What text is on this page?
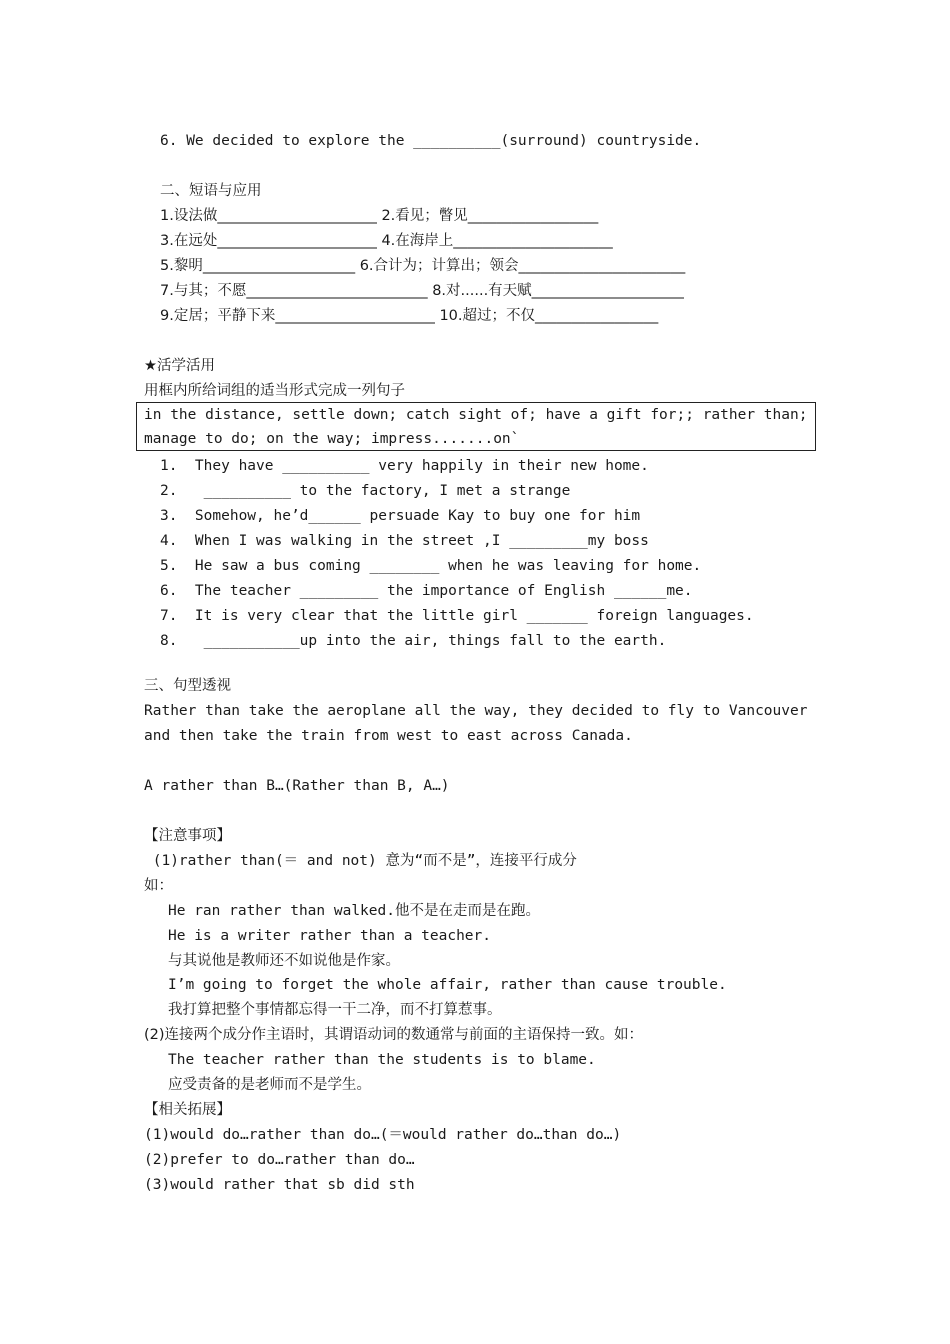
6. We decided to explore the __________(surround) countryside.
二、短语与应用
1.设法做______________________ 2.看见；瞥见__________________
3.在远处______________________ 4.在海岸上______________________
5.黎明_____________________ 6.合计为；计算出；领会_______________________
7.与其；不愿_________________________ 8.对......有天赋_____________________
9.定居；平静下来______________________ 10.超过；不仅_________________
★活学活用
用框内所给词组的适当形式完成一列句子
in the distance, settle down; catch sight of; have a gift for;; rather than;
manage to do; on the way; impress.......on`
1.  They have __________ very happily in their new home.
2.   __________ to the factory, I met a strange
3.  Somehow, he’d______ persuade Kay to buy one for him
4.  When I was walking in the street ,I _________my boss
5.  He saw a bus coming ________ when he was leaving for home.
6.  The teacher _________ the importance of English ______me.
7.  It is very clear that the little girl _______ foreign languages.
8.   ___________up into the air, things fall to the earth.
三、句型透视
Rather than take the aeroplane all the way, they decided to fly to Vancouver
and then take the train from west to east across Canada.
A rather than B…(Rather than B, A…)
【注意事项】
(1)rather than(＝ and not) 意为“而不是”，连接平行成分
如：
He ran rather than walked.他不是在走而是在跑。
He is a writer rather than a teacher.
与其说他是教师还不如说他是作家。
I’m going to forget the whole affair, rather than cause trouble.
我打算把整个事情都忘得一干二净，而不打算惹事。
(2)连接两个成分作主语时，其谓语动词的数通常与前面的主语保持一致。如：
The teacher rather than the students is to blame.
应受责备的是老师而不是学生。
【相关拓展】
(1)would do…rather than do…(＝would rather do…than do…)
(2)prefer to do…rather than do…
(3)would rather that sb did sth
